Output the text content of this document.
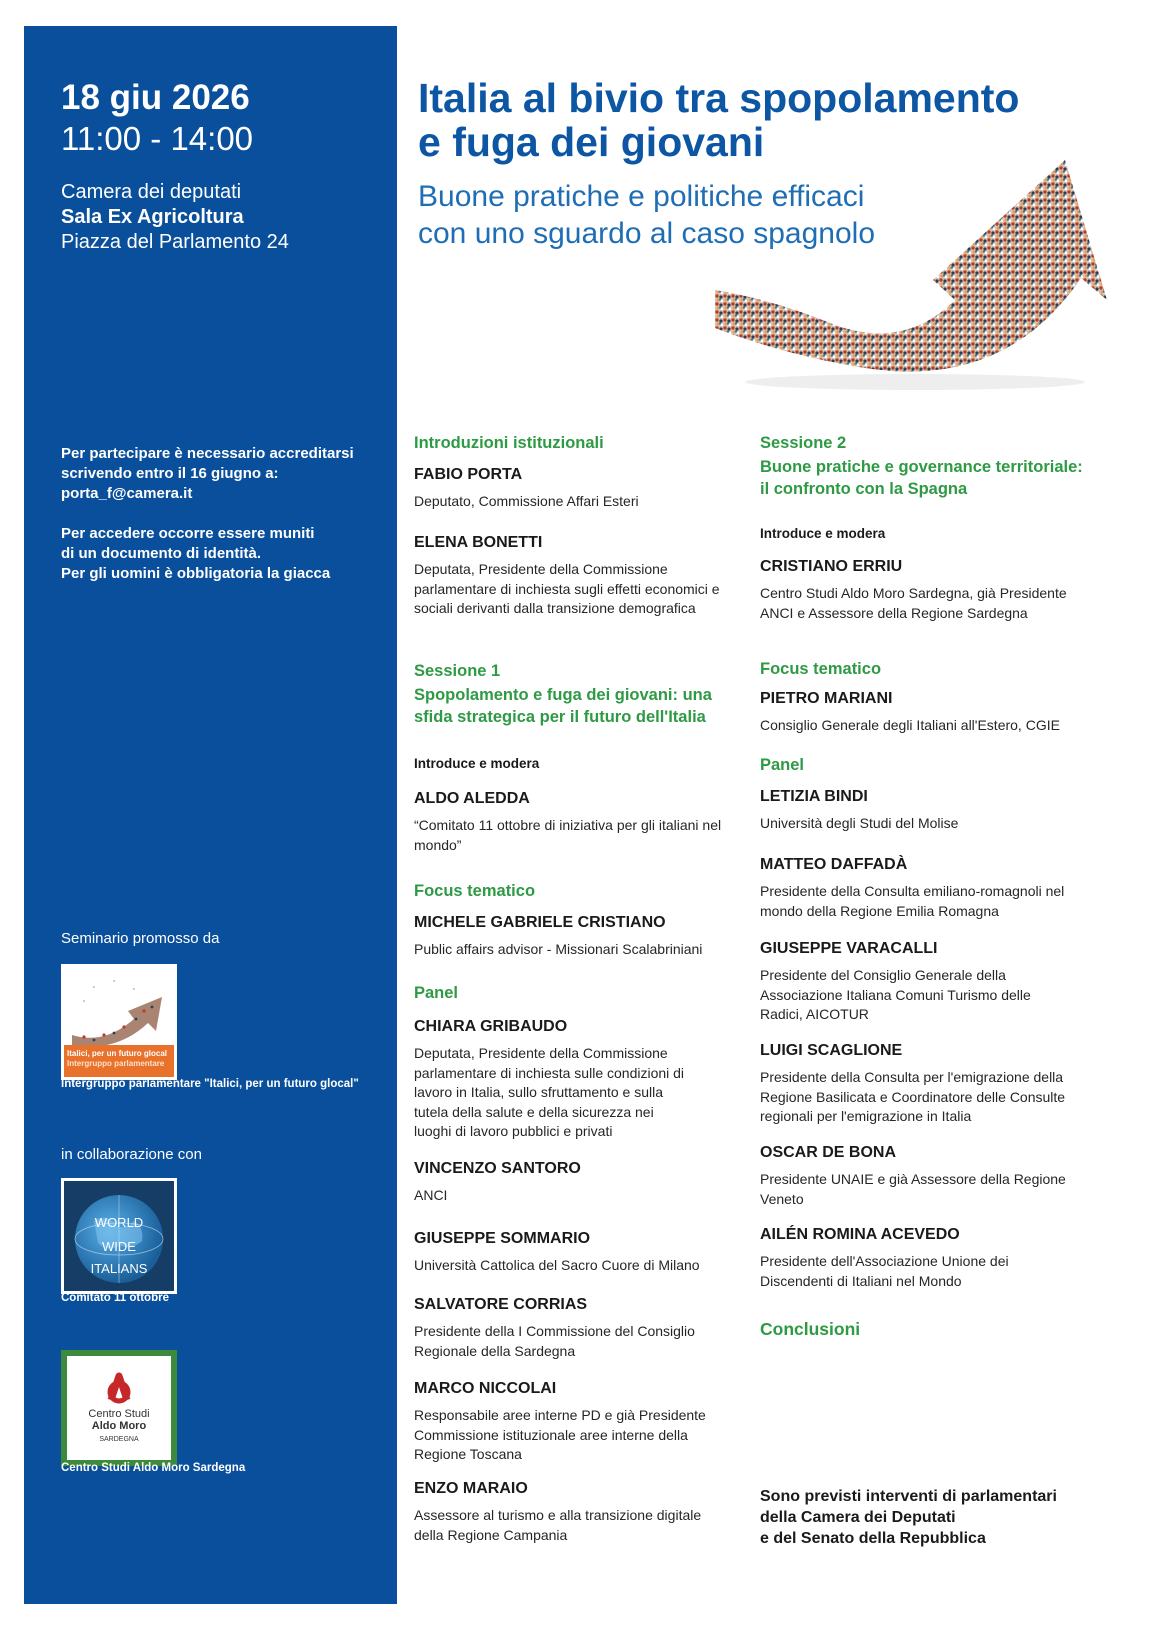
18 giu 2026
11:00 - 14:00
Camera dei deputati
Sala Ex Agricoltura
Piazza del Parlamento 24

Per partecipare è necessario accreditarsi
scrivendo entro il 16 giugno a:
porta_f@camera.it

Per accedere occorre essere muniti
di un documento di identità.
Per gli uomini è obbligatoria la giacca

Seminario promosso da
Italici, per un futuro glocal
Intergruppo parlamentare
Intergruppo parlamentare "Italici, per un futuro glocal"
in collaborazione con
WORLD
WIDE
ITALIANS
Comitato 11 ottobre
Centro Studi
Aldo Moro
SARDEGNA
Centro Studi Aldo Moro Sardegna
Italia al bivio tra spopolamento
e fuga dei giovani
Buone pratiche e politiche efficaci
con uno sguardo al caso spagnolo
Introduzioni istituzionali
FABIO PORTA
Deputato, Commissione Affari Esteri
ELENA BONETTI
Deputata, Presidente della Commissione parlamentare di inchiesta sugli effetti economici e sociali derivanti dalla transizione demografica
Sessione 1
Spopolamento e fuga dei giovani: una sfida strategica per il futuro dell'Italia
Introduce e modera
ALDO ALEDDA
“Comitato 11 ottobre di iniziativa per gli italiani nel mondo”
Focus tematico
MICHELE GABRIELE CRISTIANO
Public affairs advisor - Missionari Scalabriniani
Panel
CHIARA GRIBAUDO
Deputata, Presidente della Commissione parlamentare di inchiesta sulle condizioni di lavoro in Italia, sullo sfruttamento e sulla tutela della salute e della sicurezza nei luoghi di lavoro pubblici e privati
VINCENZO SANTORO
ANCI
GIUSEPPE SOMMARIO
Università Cattolica del Sacro Cuore di Milano
SALVATORE CORRIAS
Presidente della I Commissione del Consiglio Regionale della Sardegna
MARCO NICCOLAI
Responsabile aree interne PD e già Presidente Commissione istituzionale aree interne della Regione Toscana
ENZO MARAIO
Assessore al turismo e alla transizione digitale della Regione Campania
Sessione 2
Buone pratiche e governance territoriale: il confronto con la Spagna
Introduce e modera
CRISTIANO ERRIU
Centro Studi Aldo Moro Sardegna, già Presidente ANCI e Assessore della Regione Sardegna
Focus tematico
PIETRO MARIANI
Consiglio Generale degli Italiani all'Estero, CGIE
Panel
LETIZIA BINDI
Università degli Studi del Molise
MATTEO DAFFADÀ
Presidente della Consulta emiliano-romagnoli nel mondo della Regione Emilia Romagna
GIUSEPPE VARACALLI
Presidente del Consiglio Generale della Associazione Italiana Comuni Turismo delle Radici, AICOTUR
LUIGI SCAGLIONE
Presidente della Consulta per l'emigrazione della Regione Basilicata e Coordinatore delle Consulte regionali per l'emigrazione in Italia
OSCAR DE BONA
Presidente UNAIE e già Assessore della Regione Veneto
AILÉN ROMINA ACEVEDO
Presidente dell'Associazione Unione dei Discendenti di Italiani nel Mondo
Conclusioni
Sono previsti interventi di parlamentari
della Camera dei Deputati
e del Senato della Repubblica
